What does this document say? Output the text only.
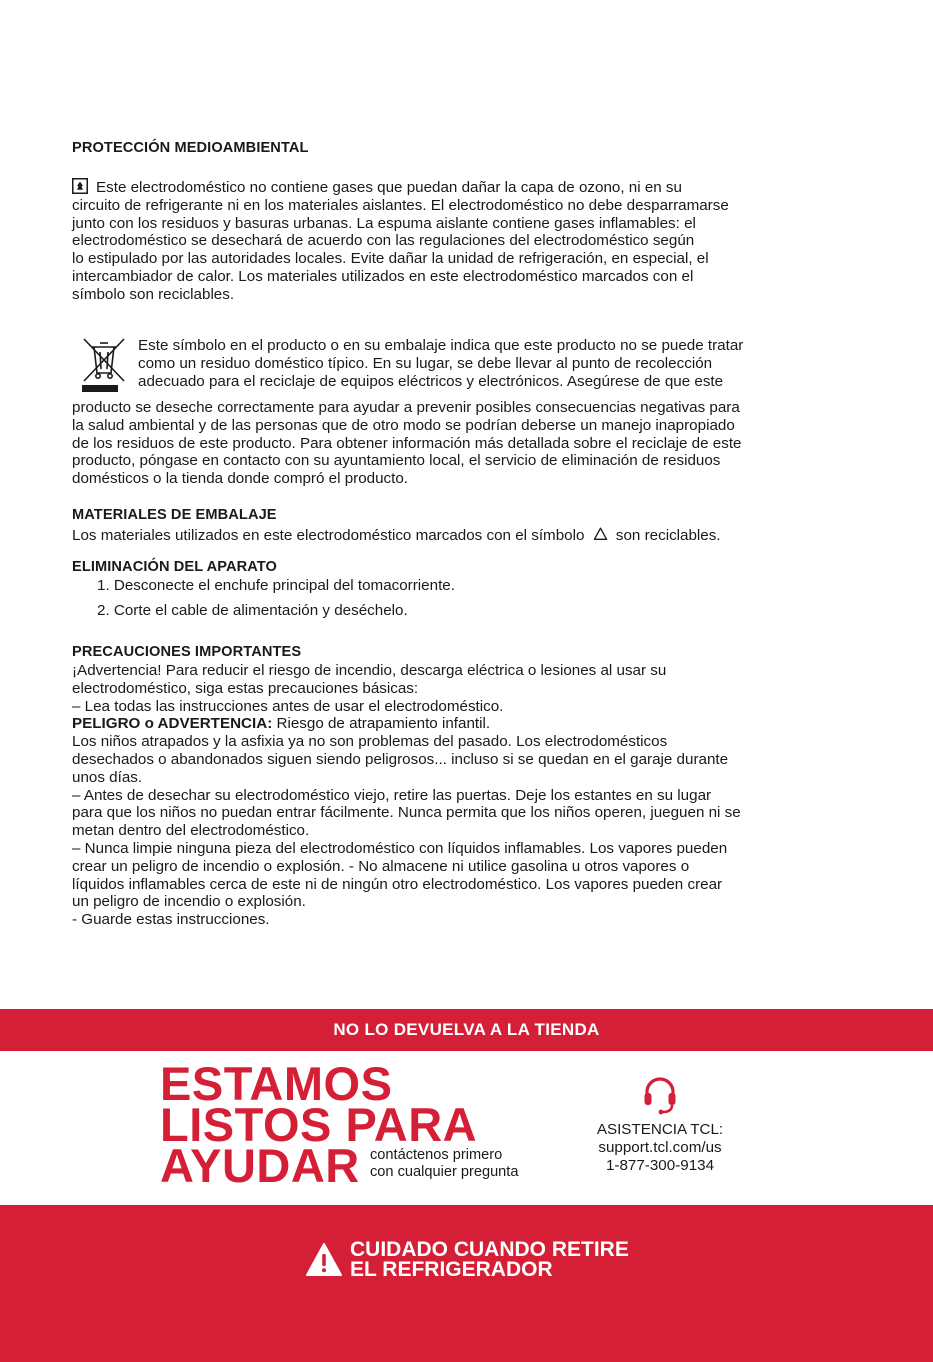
PROTECCIÓN MEDIOAMBIENTAL

Este electrodoméstico no contiene gases que puedan dañar la capa de ozono, ni en su

circuito de refrigerante ni en los materiales aislantes. El electrodoméstico no debe desparramarse

junto con los residuos y basuras urbanas. La espuma aislante contiene gases inflamables: el

electrodoméstico se desechará de acuerdo con las regulaciones del electrodoméstico según

lo estipulado por las autoridades locales. Evite dañar la unidad de refrigeración, en especial, el

intercambiador de calor. Los materiales utilizados en este electrodoméstico marcados con el

símbolo son reciclables.

Este símbolo en el producto o en su embalaje indica que este producto no se puede tratar

como un residuo doméstico típico. En su lugar, se debe llevar al punto de recolección

adecuado para el reciclaje de equipos eléctricos y electrónicos. Asegúrese de que este

producto se deseche correctamente para ayudar a prevenir posibles consecuencias negativas para

la salud ambiental y de las personas que de otro modo se podrían deberse un manejo inapropiado

de los residuos de este producto. Para obtener información más detallada sobre el reciclaje de este

producto, póngase en contacto con su ayuntamiento local, el servicio de eliminación de residuos

domésticos o la tienda donde compró el producto.

MATERIALES DE EMBALAJE

Los materiales utilizados en este electrodoméstico marcados con el símbolo son reciclables.

ELIMINACIÓN DEL APARATO
1. Desconecte el enchufe principal del tomacorriente.
2. Corte el cable de alimentación y deséchelo.
PRECAUCIONES IMPORTANTES

¡Advertencia! Para reducir el riesgo de incendio, descarga eléctrica o lesiones al usar su

electrodoméstico, siga estas precauciones básicas:

– Lea todas las instrucciones antes de usar el electrodoméstico.

PELIGRO o ADVERTENCIA: Riesgo de atrapamiento infantil.

Los niños atrapados y la asfixia ya no son problemas del pasado. Los electrodomésticos

desechados o abandonados siguen siendo peligrosos... incluso si se quedan en el garaje durante

unos días.

– Antes de desechar su electrodoméstico viejo, retire las puertas. Deje los estantes en su lugar

para que los niños no puedan entrar fácilmente. Nunca permita que los niños operen, jueguen ni se

metan dentro del electrodoméstico.

– Nunca limpie ninguna pieza del electrodoméstico con líquidos inflamables. Los vapores pueden

crear un peligro de incendio o explosión. - No almacene ni utilice gasolina u otros vapores o

líquidos inflamables cerca de este ni de ningún otro electrodoméstico. Los vapores pueden crear

un peligro de incendio o explosión.

- Guarde estas instrucciones.

NO LO DEVUELVA A LA TIENDA
ESTAMOS
LISTOS PARA
AYUDAR contáctenos primero
con cualquier pregunta
ASISTENCIA TCL:
support.tcl.com/us
1-877-300-9134
CUIDADO CUANDO RETIRE
EL REFRIGERADOR
